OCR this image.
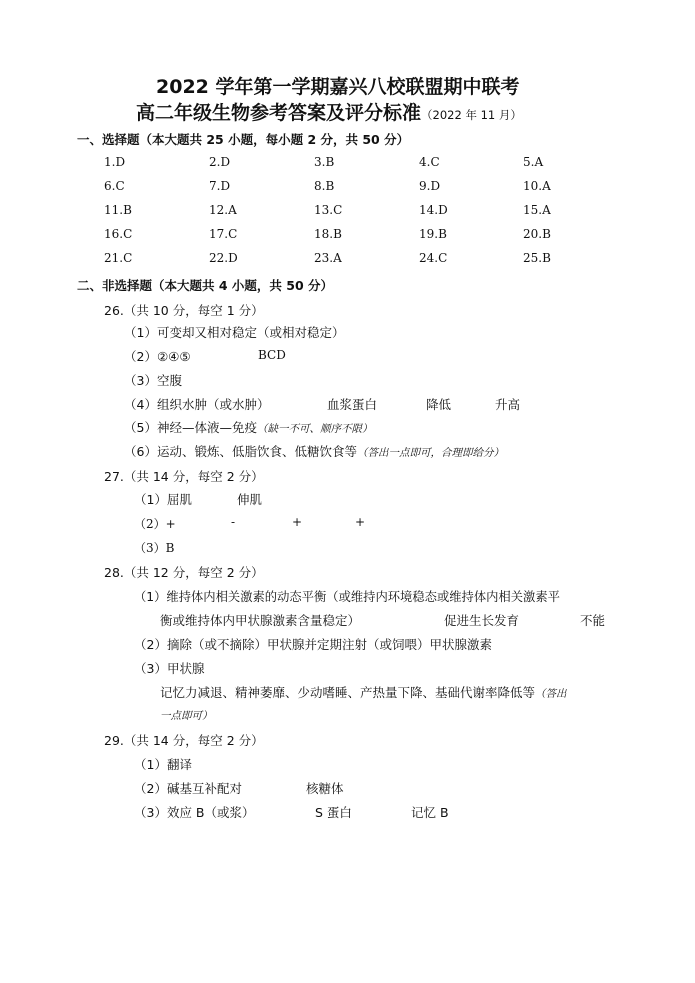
2022 学年第一学期嘉兴八校联盟期中联考
高二年级生物参考答案及评分标准（2022 年 11 月）
一、选择题（本大题共 25 小题，每小题 2 分，共 50 分）
1.D	2.D	3.B	4.C	5.A
6.C	7.D	8.B	9.D	10.A
11.B	12.A	13.C	14.D	15.A
16.C	17.C	18.B	19.B	20.B
21.C	22.D	23.A	24.C	25.B
二、非选择题（本大题共 4 小题，共 50 分）
26.（共 10 分，每空 1 分）
（1）可变却又相对稳定（或相对稳定）
（2）②④⑤	BCD
（3）空腹
（4）组织水肿（或水肿）	血浆蛋白	降低	升高
（5）神经—体液—免疫（缺一不可、顺序不限）
（6）运动、锻炼、低脂饮食、低糖饮食等（答出一点即可，合理即给分）
27.（共 14 分，每空 2 分）
（1）屈肌	伸肌
（2）+	-	+	+
（3）B
28.（共 12 分，每空 2 分）
（1）维持体内相关激素的动态平衡（或维持内环境稳态或维持体内相关激素平
衡或维持体内甲状腺激素含量稳定）	促进生长发育	不能
（2）摘除（或不摘除）甲状腺并定期注射（或饲喂）甲状腺激素
（3）甲状腺
记忆力减退、精神萎靡、少动嗜睡、产热量下降、基础代谢率降低等（答出
一点即可）
29.（共 14 分，每空 2 分）
（1）翻译
（2）碱基互补配对	核糖体
（3）效应 B（或浆）	S 蛋白	记忆 B
